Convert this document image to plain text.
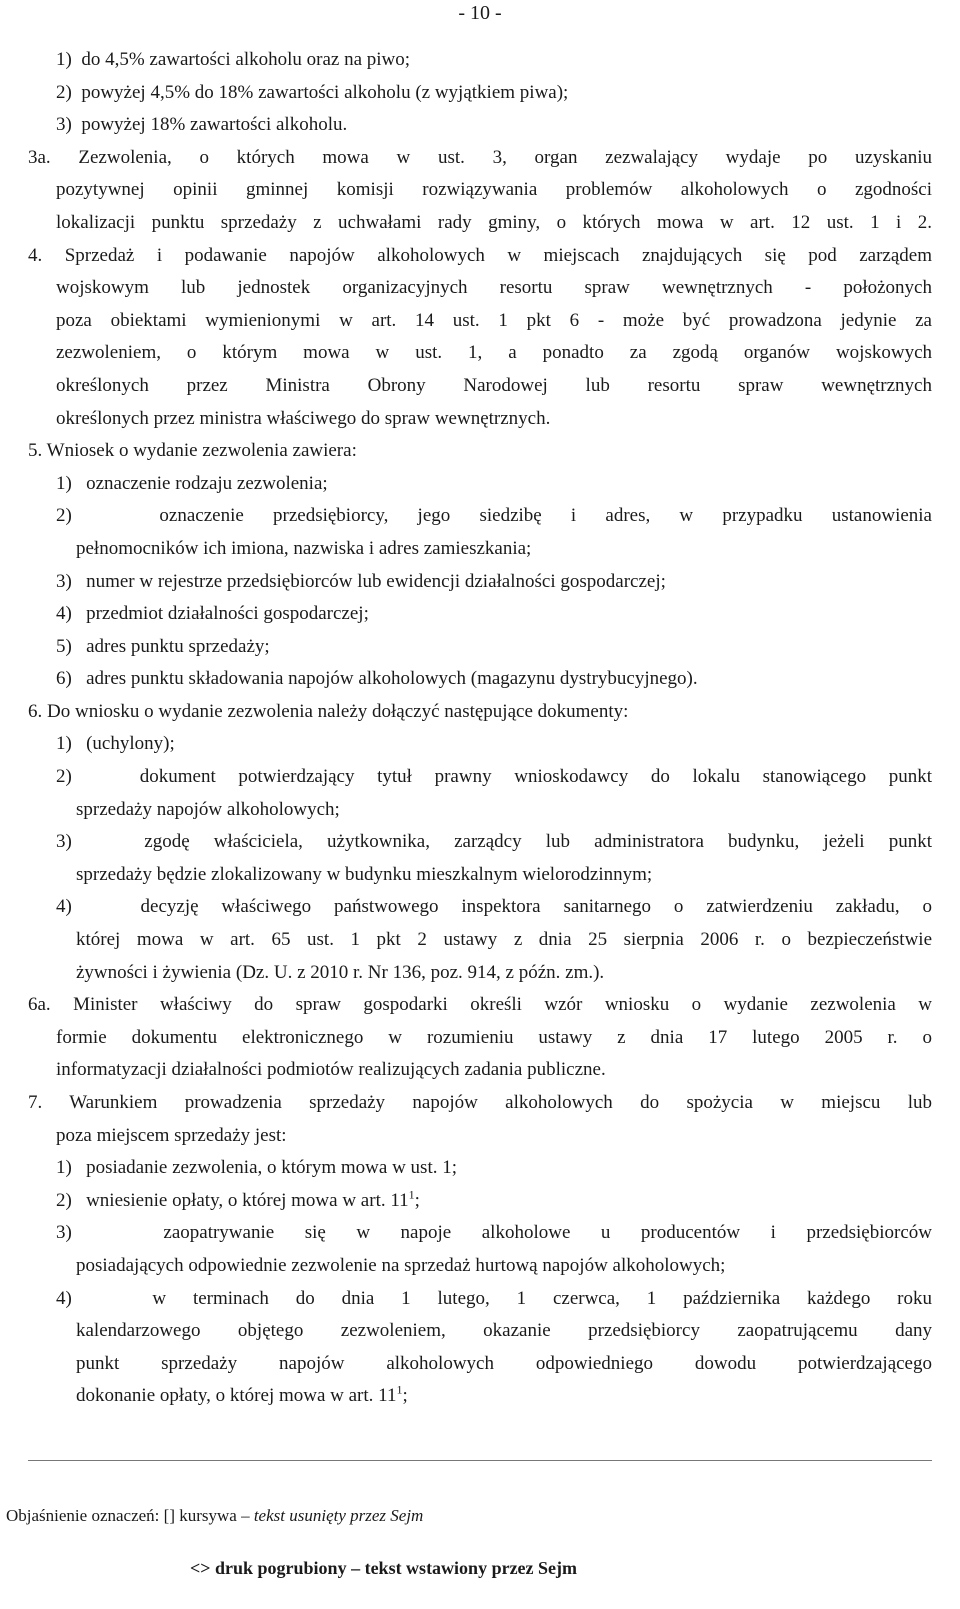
- 10 -
1)  do 4,5% zawartości alkoholu oraz na piwo;
2)  powyżej 4,5% do 18% zawartości alkoholu (z wyjątkiem piwa);
3)  powyżej 18% zawartości alkoholu.
3a. Zezwolenia, o których mowa w ust. 3, organ zezwalający wydaje po uzyskaniu
pozytywnej opinii gminnej komisji rozwiązywania problemów alkoholowych o zgodności
lokalizacji punktu sprzedaży z uchwałami rady gminy, o których mowa w art. 12 ust. 1 i 2.
4. Sprzedaż i podawanie napojów alkoholowych w miejscach znajdujących się pod zarządem
wojskowym lub jednostek organizacyjnych resortu spraw wewnętrznych - położonych
poza obiektami wymienionymi w art. 14 ust. 1 pkt 6 - może być prowadzona jedynie za
zezwoleniem, o którym mowa w ust. 1, a ponadto za zgodą organów wojskowych
określonych przez Ministra Obrony Narodowej lub resortu spraw wewnętrznych
określonych przez ministra właściwego do spraw wewnętrznych.
5. Wniosek o wydanie zezwolenia zawiera:
1)   oznaczenie rodzaju zezwolenia;
2)   oznaczenie przedsiębiorcy, jego siedzibę i adres, w przypadku ustanowienia
pełnomocników ich imiona, nazwiska i adres zamieszkania;
3)   numer w rejestrze przedsiębiorców lub ewidencji działalności gospodarczej;
4)   przedmiot działalności gospodarczej;
5)   adres punktu sprzedaży;
6)   adres punktu składowania napojów alkoholowych (magazynu dystrybucyjnego).
6. Do wniosku o wydanie zezwolenia należy dołączyć następujące dokumenty:
1)   (uchylony);
2)   dokument potwierdzający tytuł prawny wnioskodawcy do lokalu stanowiącego punkt
sprzedaży napojów alkoholowych;
3)   zgodę właściciela, użytkownika, zarządcy lub administratora budynku, jeżeli punkt
sprzedaży będzie zlokalizowany w budynku mieszkalnym wielorodzinnym;
4)   decyzję właściwego państwowego inspektora sanitarnego o zatwierdzeniu zakładu, o
której mowa w art. 65 ust. 1 pkt 2 ustawy z dnia 25 sierpnia 2006 r. o bezpieczeństwie
żywności i żywienia (Dz. U. z 2010 r. Nr 136, poz. 914, z późn. zm.).
6a. Minister właściwy do spraw gospodarki określi wzór wniosku o wydanie zezwolenia w
formie dokumentu elektronicznego w rozumieniu ustawy z dnia 17 lutego 2005 r. o
informatyzacji działalności podmiotów realizujących zadania publiczne.
7. Warunkiem prowadzenia sprzedaży napojów alkoholowych do spożycia w miejscu lub
poza miejscem sprzedaży jest:
1)   posiadanie zezwolenia, o którym mowa w ust. 1;
2)   wniesienie opłaty, o której mowa w art. $11^1$;
3)   zaopatrywanie się w napoje alkoholowe u producentów i przedsiębiorców
posiadających odpowiednie zezwolenie na sprzedaż hurtową napojów alkoholowych;
4)   w terminach do dnia 1 lutego, 1 czerwca, 1 października każdego roku
kalendarzowego objętego zezwoleniem, okazanie przedsiębiorcy zaopatrującemu dany
punkt sprzedaży napojów alkoholowych odpowiedniego dowodu potwierdzającego
dokonanie opłaty, o której mowa w art. $11^1$;
Objaśnienie oznaczeń: [] kursywa – tekst usunięty przez Sejm
<> druk pogrubiony – tekst wstawiony przez Sejm
